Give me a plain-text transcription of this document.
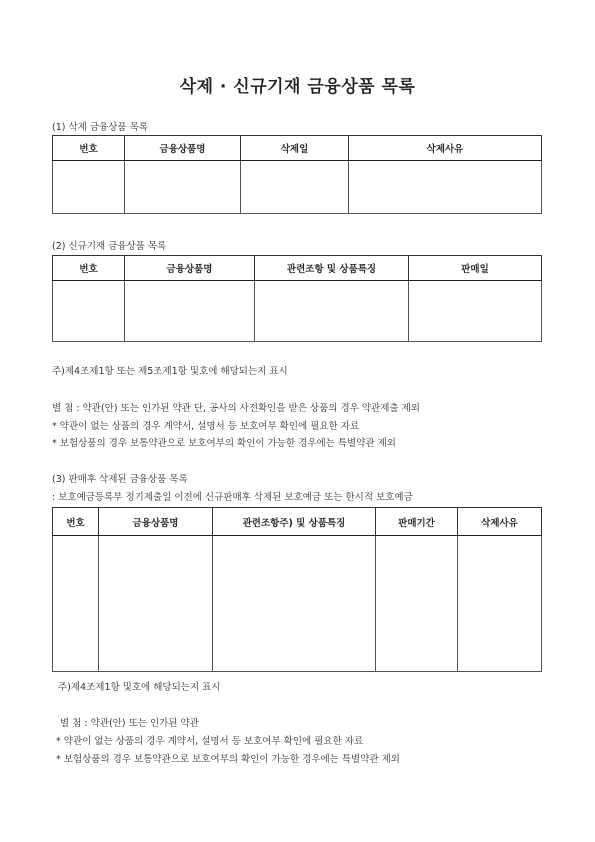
삭제 · 신규기재 금융상품 목록
(1) 삭제 금융상품 목록
번호	금융상품명	삭제일	삭제사유

(2) 신규기재 금융상품 목록
번호	금융상품명	관련조항 및 상품특징	판매일

주)제4조제1항 또는 제5조제1항 및호에 해당되는지 표시
별 첨 : 약관(안) 또는 인가된 약관 단, 공사의 사전확인을 받은 상품의 경우 약관제출 제외
* 약관이 없는 상품의 경우 계약서, 설명서 등 보호여부 확인에 필요한 자료
* 보험상품의 경우 보통약관으로 보호여부의 확인이 가능한 경우에는 특별약관 제외
(3) 판매후 삭제된 금융상품 목록
: 보호예금등록부 정기제출일 이전에 신규판매후 삭제된 보호예금 또는 한시적 보호예금
번호	금융상품명	관련조항주) 및 상품특징	판매기간	삭제사유

주)제4조제1항 및호에 해당되는지 표시
별 첨 : 약관(안) 또는 인가된 약관
* 약관이 없는 상품의 경우 계약서, 설명서 등 보호여부 확인에 필요한 자료
* 보험상품의 경우 보통약관으로 보호여부의 확인이 가능한 경우에는 특별약관 제외
